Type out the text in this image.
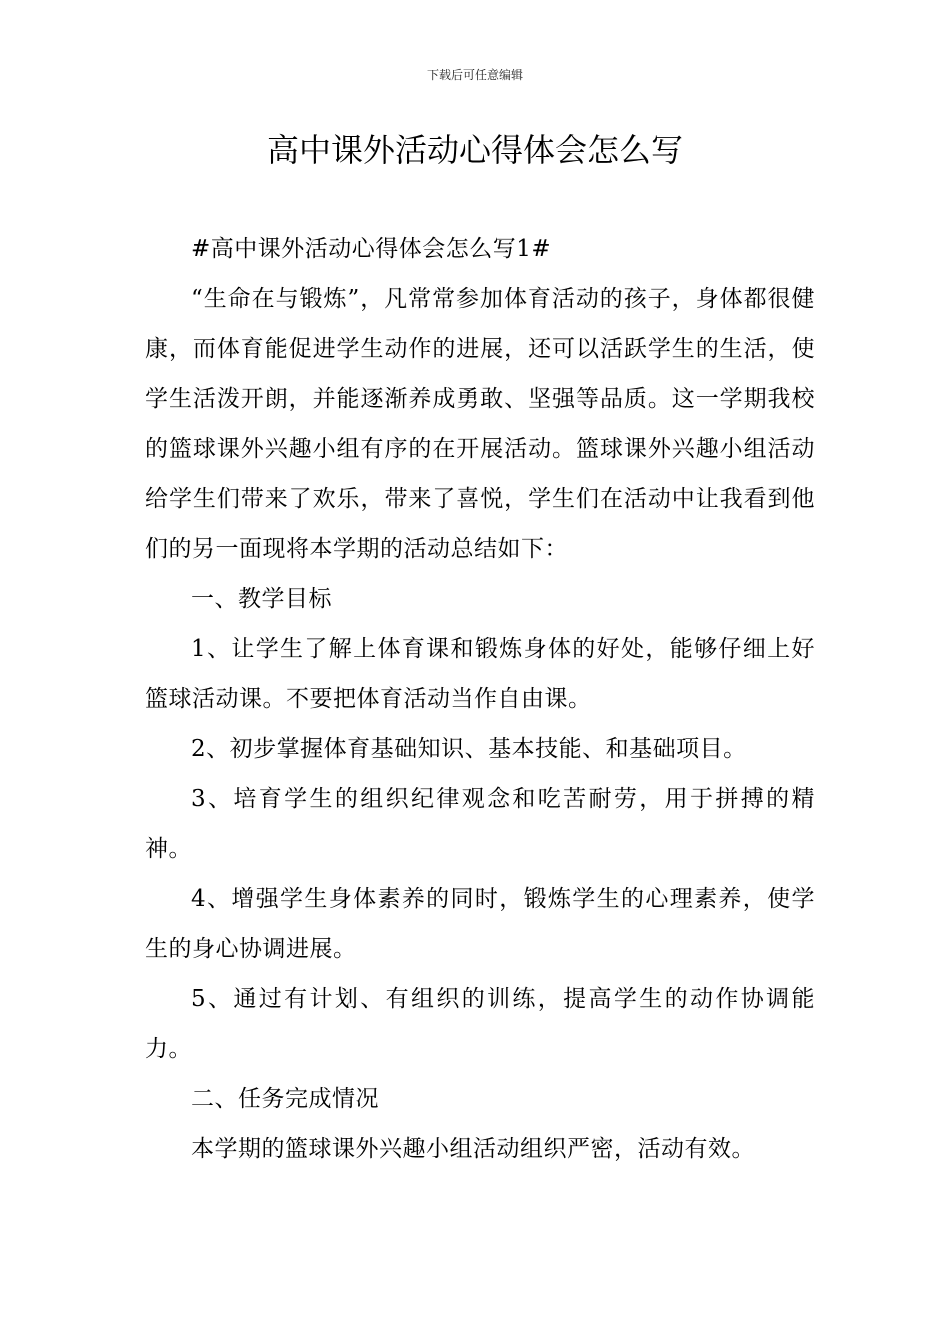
下载后可任意编辑
高中课外活动心得体会怎么写

#高中课外活动心得体会怎么写1#

“生命在与锻炼”，凡常常参加体育活动的孩子，身体都很健康，而体育能促进学生动作的进展，还可以活跃学生的生活，使学生活泼开朗，并能逐渐养成勇敢、坚强等品质。这一学期我校的篮球课外兴趣小组有序的在开展活动。篮球课外兴趣小组活动给学生们带来了欢乐，带来了喜悦，学生们在活动中让我看到他们的另一面现将本学期的活动总结如下：

一、教学目标

1、让学生了解上体育课和锻炼身体的好处，能够仔细上好篮球活动课。不要把体育活动当作自由课。

2、初步掌握体育基础知识、基本技能、和基础项目。

3、培育学生的组织纪律观念和吃苦耐劳，用于拼搏的精神。

4、增强学生身体素养的同时，锻炼学生的心理素养，使学生的身心协调进展。

5、通过有计划、有组织的训练，提高学生的动作协调能力。

二、任务完成情况

本学期的篮球课外兴趣小组活动组织严密，活动有效。
